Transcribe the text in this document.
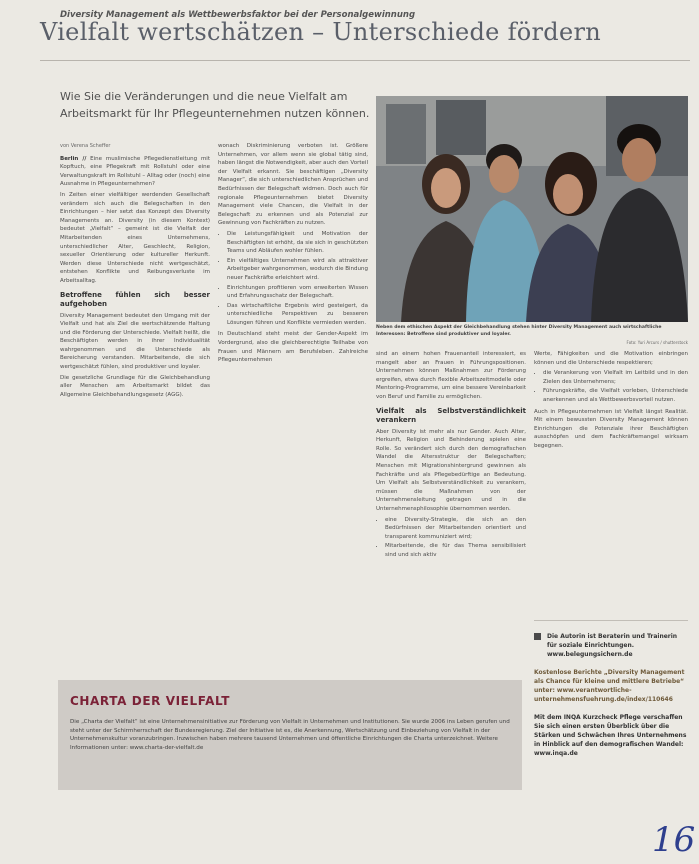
Diversity Management als Wettbewerbsfaktor bei der Personalgewinnung
Vielfalt wertschätzen – Unterschiede fördern
Wie Sie die Veränderungen und die neue Vielfalt am Arbeitsmarkt für Ihr Pflegeunternehmen nutzen können.
Neben dem ethischen Aspekt der Gleichbehandlung stehen hinter Diversity Management auch wirtschaftliche Interessen: Betroffene sind produktiver und loyaler.
Foto: Yuri Arcurs / shutterstock
von Verena Scheffer

Berlin // Eine muslimische Pflegedienstleitung mit Kopftuch, eine Pflegekraft mit Rollstuhl oder eine Verwaltungskraft im Rollstuhl – Alltag oder (noch) eine Ausnahme in Pflegeunternehmen?

In Zeiten einer vielfältiger werdenden Gesellschaft verändern sich auch die Belegschaften in den Einrichtungen – hier setzt das Konzept des Diversity Managements an. Diversity (in diesem Kontext) bedeutet „Vielfalt“ – gemeint ist die Vielfalt der Mitarbeitenden eines Unternehmens, unterschiedlicher Alter, Geschlecht, Religion, sexueller Orientierung oder kultureller Herkunft. Werden diese Unterschiede nicht wertgeschätzt, entstehen Konflikte und Reibungsverluste im Arbeitsalltag.

Betroffene fühlen sich besser aufgehoben

Diversity Management bedeutet den Umgang mit der Vielfalt und hat als Ziel die wertschätzende Haltung und die Förderung der Unterschiede. Vielfalt heißt, die Beschäftigten werden in ihrer Individualität wahrgenommen und die Unterschiede als Bereicherung verstanden. Mitarbeitende, die sich wertgeschätzt fühlen, sind produktiver und loyaler.

Die gesetzliche Grundlage für die Gleichbehandlung aller Menschen am Arbeitsmarkt bildet das Allgemeine Gleichbehandlungsgesetz (AGG).

wonach Diskriminierung verboten ist. Größere Unternehmen, vor allem wenn sie global tätig sind, haben längst die Notwendigkeit, aber auch den Vorteil der Vielfalt erkannt. Sie beschäftigen „Diversity Manager“, die sich unterschiedlichen Ansprüchen und Bedürfnissen der Belegschaft widmen. Doch auch für regionale Pflegeunternehmen bietet Diversity Management viele Chancen, die Vielfalt in der Belegschaft zu erkennen und als Potenzial zur Gewinnung von Fachkräften zu nutzen.

• Die Leistungsfähigkeit und Motivation der Beschäftigten ist erhöht, da sie sich in geschützten Teams und Abläufen wohler fühlen.
• Ein vielfältiges Unternehmen wird als attraktiver Arbeitgeber wahrgenommen, wodurch die Bindung neuer Fachkräfte erleichtert wird.
• Einrichtungen profitieren vom erweiterten Wissen und Erfahrungsschatz der Belegschaft.
• Das wirtschaftliche Ergebnis wird gesteigert, da unterschiedliche Perspektiven zu besseren Lösungen führen und Konflikte vermieden werden.

In Deutschland steht meist der Gender-Aspekt im Vordergrund, also die gleichberechtigte Teilhabe von Frauen und Männern am Berufsleben. Zahlreiche Pflegeunternehmen

sind an einem hohen Frauenanteil interessiert, es mangelt aber an Frauen in Führungspositionen. Unternehmen können Maßnahmen zur Förderung ergreifen, etwa durch flexible Arbeitszeitmodelle oder Mentoring-Programme, um eine bessere Vereinbarkeit von Beruf und Familie zu ermöglichen.

Vielfalt als Selbstverständlichkeit verankern

Aber Diversity ist mehr als nur Gender. Auch Alter, Herkunft, Religion und Behinderung spielen eine Rolle. So verändert sich durch den demografischen Wandel die Altersstruktur der Belegschaften; Menschen mit Migrationshintergrund gewinnen als Fachkräfte und als Pflegebedürftige an Bedeutung. Um Vielfalt als Selbstverständlichkeit zu verankern, müssen die Maßnahmen von der Unternehmensleitung getragen und in die Unternehmensphilosophie übernommen werden.

• eine Diversity-Strategie, die sich an den Bedürfnissen der Mitarbeitenden orientiert und transparent kommuniziert wird;
• Mitarbeitende, die für das Thema sensibilisiert sind und sich aktiv

Werte, Fähigkeiten und die Motivation einbringen können und die Unterschiede respektieren;

• die Verankerung von Vielfalt im Leitbild und in den Zielen des Unternehmens;
• Führungskräfte, die Vielfalt vorleben, Unterschiede anerkennen und als Wettbewerbsvorteil nutzen.

Auch in Pflegeunternehmen ist Vielfalt längst Realität. Mit einem bewussten Diversity Management können Einrichtungen die Potenziale ihrer Beschäftigten ausschöpfen und dem Fachkräftemangel wirksam begegnen.

Die Autorin ist Beraterin und Trainerin für soziale Einrichtungen. www.belegungsichern.de

Kostenlose Berichte „Diversity Management als Chance für kleine und mittlere Betriebe“ unter: www.verantwortliche-unternehmensfuehrung.de/index/110646

Mit dem INQA Kurzcheck Pflege verschaffen Sie sich einen ersten Überblick über die Stärken und Schwächen Ihres Unternehmens in Hinblick auf den demografischen Wandel: www.inqa.de

CHARTA DER VIELFALT
Die „Charta der Vielfalt“ ist eine Unternehmensinitiative zur Förderung von Vielfalt in Unternehmen und Institutionen. Sie wurde 2006 ins Leben gerufen und steht unter der Schirmherrschaft der Bundesregierung. Ziel der Initiative ist es, die Anerkennung, Wertschätzung und Einbeziehung von Vielfalt in der Unternehmenskultur voranzubringen. Inzwischen haben mehrere tausend Unternehmen und öffentliche Einrichtungen die Charta unterzeichnet. Weitere Informationen unter: www.charta-der-vielfalt.de
16
